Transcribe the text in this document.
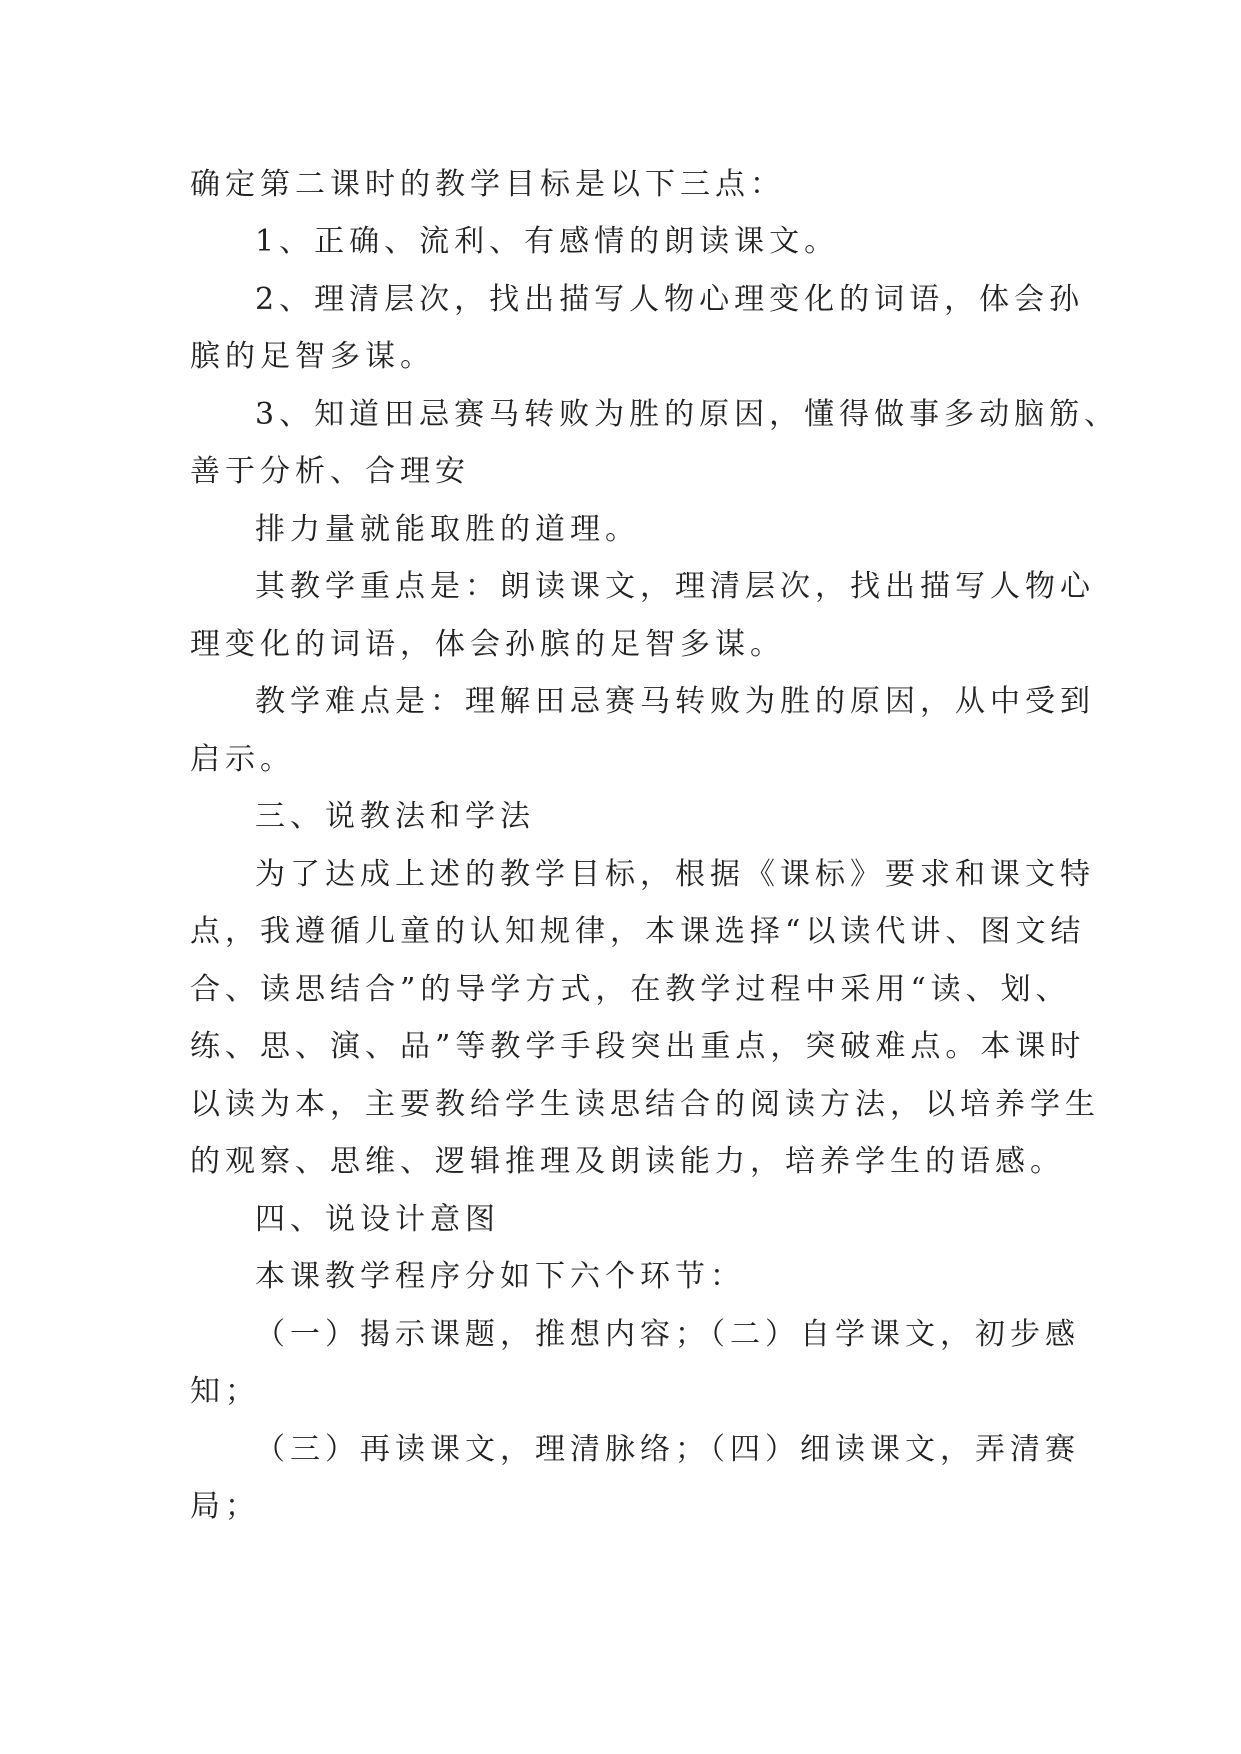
确定第二课时的教学目标是以下三点：

1、正确、流利、有感情的朗读课文。

2、理清层次，找出描写人物心理变化的词语，体会孙

膑的足智多谋。

3、知道田忌赛马转败为胜的原因，懂得做事多动脑筋、

善于分析、合理安

排力量就能取胜的道理。

其教学重点是：朗读课文，理清层次，找出描写人物心

理变化的词语，体会孙膑的足智多谋。

教学难点是：理解田忌赛马转败为胜的原因，从中受到

启示。

三、说教法和学法

为了达成上述的教学目标，根据《课标》要求和课文特

点，我遵循儿童的认知规律，本课选择“以读代讲、图文结

合、读思结合”的导学方式，在教学过程中采用“读、划、

练、思、演、品”等教学手段突出重点，突破难点。本课时

以读为本，主要教给学生读思结合的阅读方法，以培养学生

的观察、思维、逻辑推理及朗读能力，培养学生的语感。

四、说设计意图

本课教学程序分如下六个环节：

（一）揭示课题，推想内容；（二）自学课文，初步感

知；

（三）再读课文，理清脉络；（四）细读课文，弄清赛

局；
